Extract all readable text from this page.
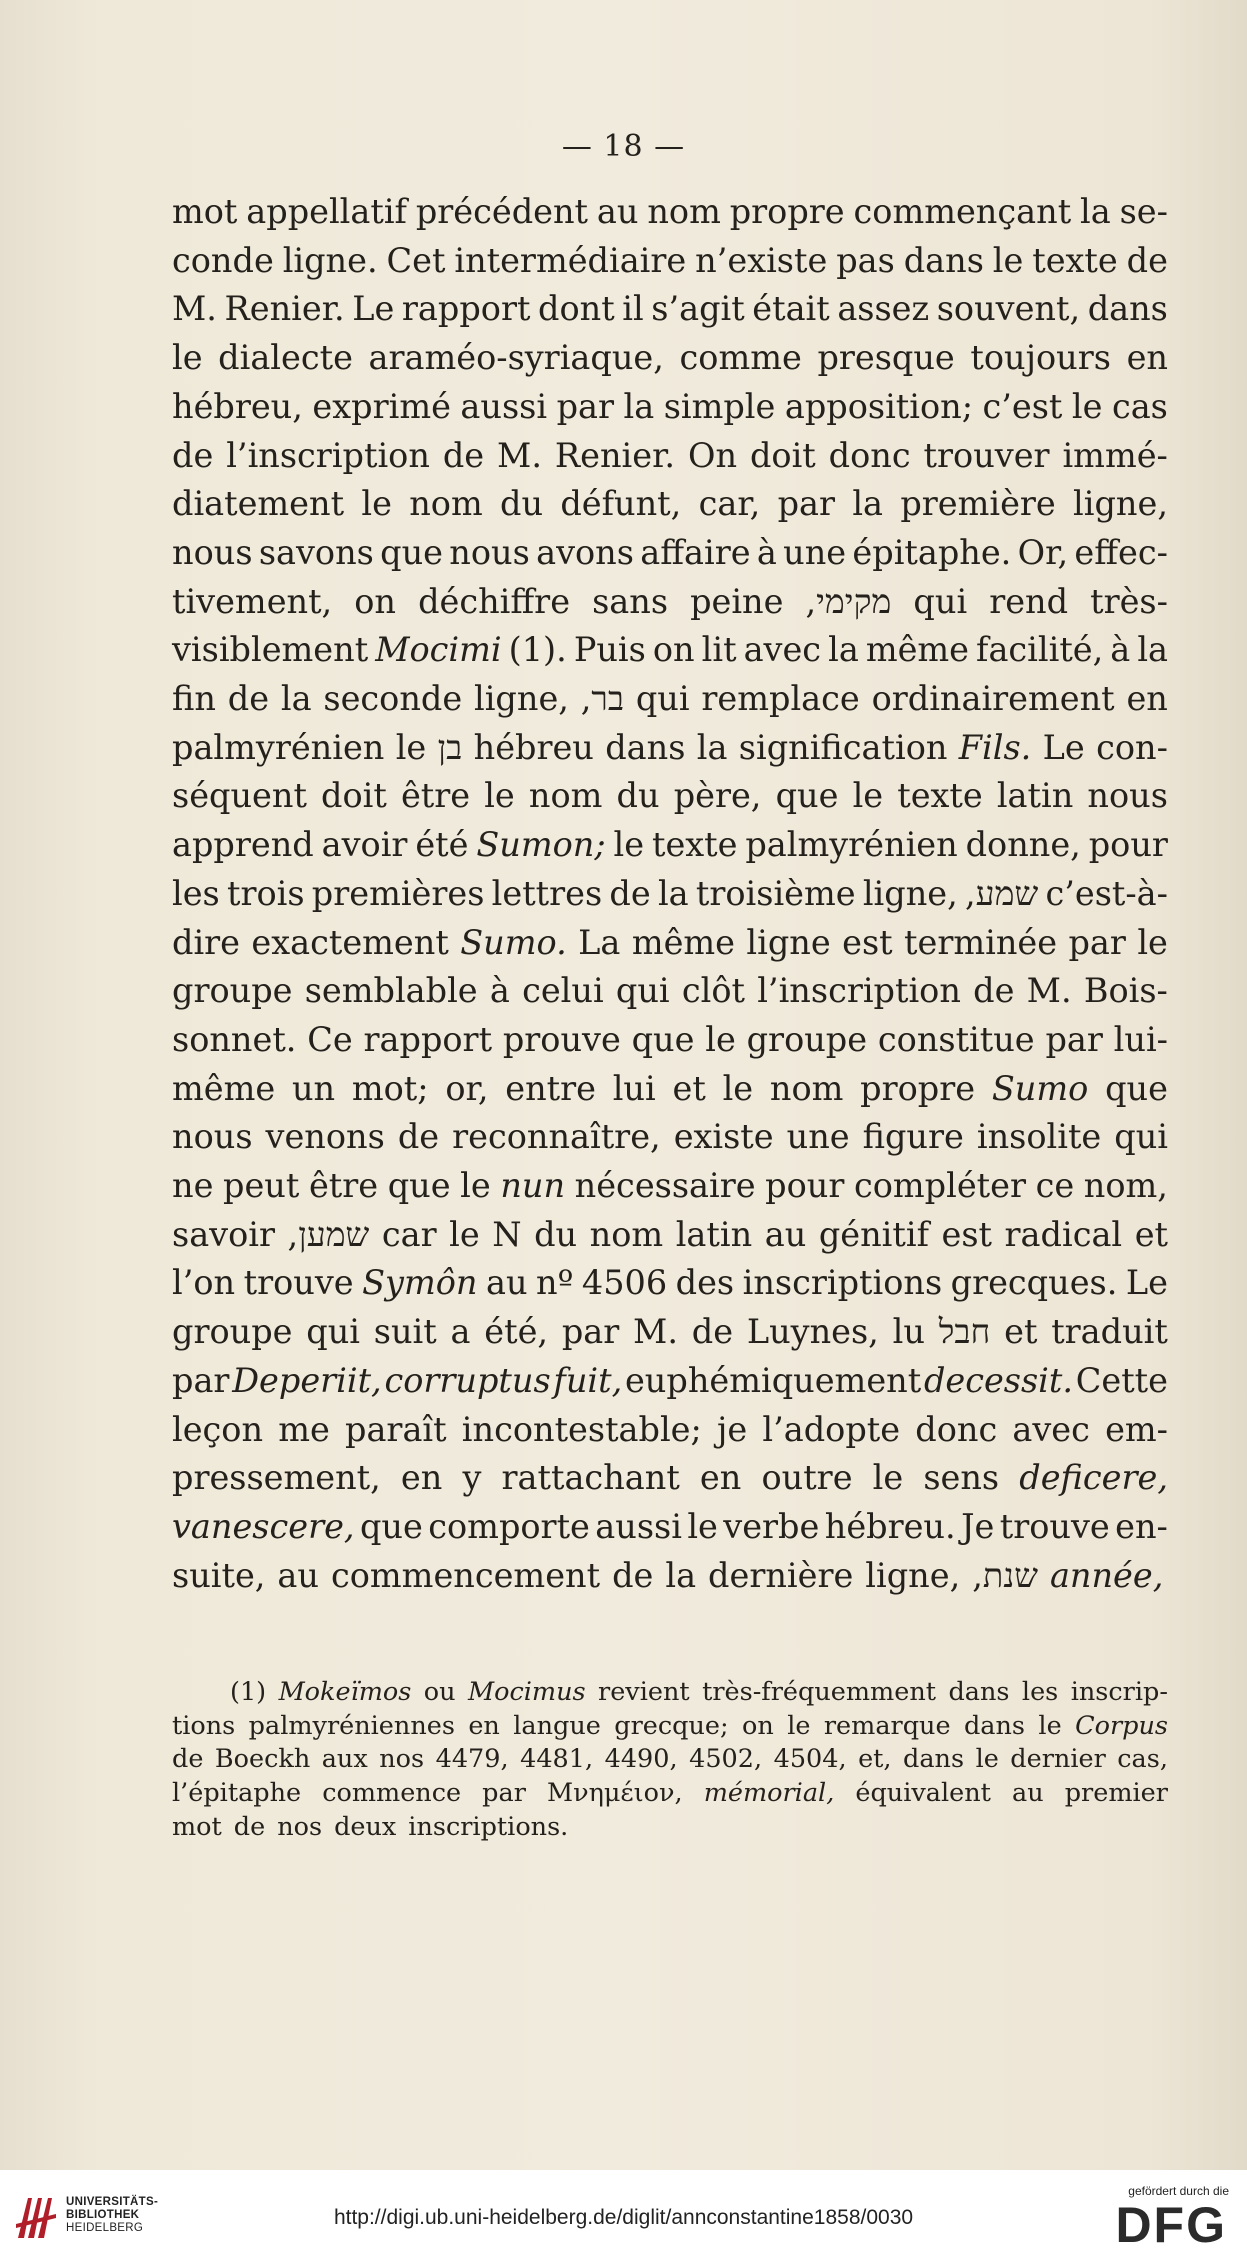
— 18 —
mot appellatif précédent au nom propre commençant la se-
conde ligne. Cet intermédiaire n’existe pas dans le texte de
M. Renier. Le rapport dont il s’agit était assez souvent, dans
le dialecte araméo-syriaque, comme presque toujours en
hébreu, exprimé aussi par la simple apposition; c’est le cas
de l’inscription de M. Renier. On doit donc trouver immé-
diatement le nom du défunt, car, par la première ligne,
nous savons que nous avons affaire à une épitaphe. Or, effec-
tivement, on déchiffre sans peine מקימי, qui rend très-
visiblement Mocimi (1). Puis on lit avec la même facilité, à la
fin de la seconde ligne, בר, qui remplace ordinairement en
palmyrénien le בן hébreu dans la signification Fils. Le con-
séquent doit être le nom du père, que le texte latin nous
apprend avoir été Sumon; le texte palmyrénien donne, pour
les trois premières lettres de la troisième ligne, שמע, c’est-à-
dire exactement Sumo. La même ligne est terminée par le
groupe semblable à celui qui clôt l’inscription de M. Bois-
sonnet. Ce rapport prouve que le groupe constitue par lui-
même un mot; or, entre lui et le nom propre Sumo que
nous venons de reconnaître, existe une figure insolite qui
ne peut être que le nun nécessaire pour compléter ce nom,
savoir שמען, car le N du nom latin au génitif est radical et
l’on trouve Symôn au nº 4506 des inscriptions grecques. Le
groupe qui suit a été, par M. de Luynes, lu חבל et traduit
par Deperiit, corruptus fuit, euphémiquement decessit. Cette
leçon me paraît incontestable; je l’adopte donc avec em-
pressement, en y rattachant en outre le sens deficere,
vanescere, que comporte aussi le verbe hébreu. Je trouve en-
suite, au commencement de la dernière ligne, שנת, année,
(1) Mokeïmos ou Mocimus revient très-fréquemment dans les inscrip-
tions palmyréniennes en langue grecque; on le remarque dans le Corpus
de Boeckh aux nos 4479, 4481, 4490, 4502, 4504, et, dans le dernier cas,
l’épitaphe commence par Μνημέιον, mémorial, équivalent au premier
mot de nos deux inscriptions.
UNIVERSITÄTS-
BIBLIOTHEK
HEIDELBERG	http://digi.ub.uni-heidelberg.de/diglit/annconstantine1858/0030
gefördert durch die
DFG
